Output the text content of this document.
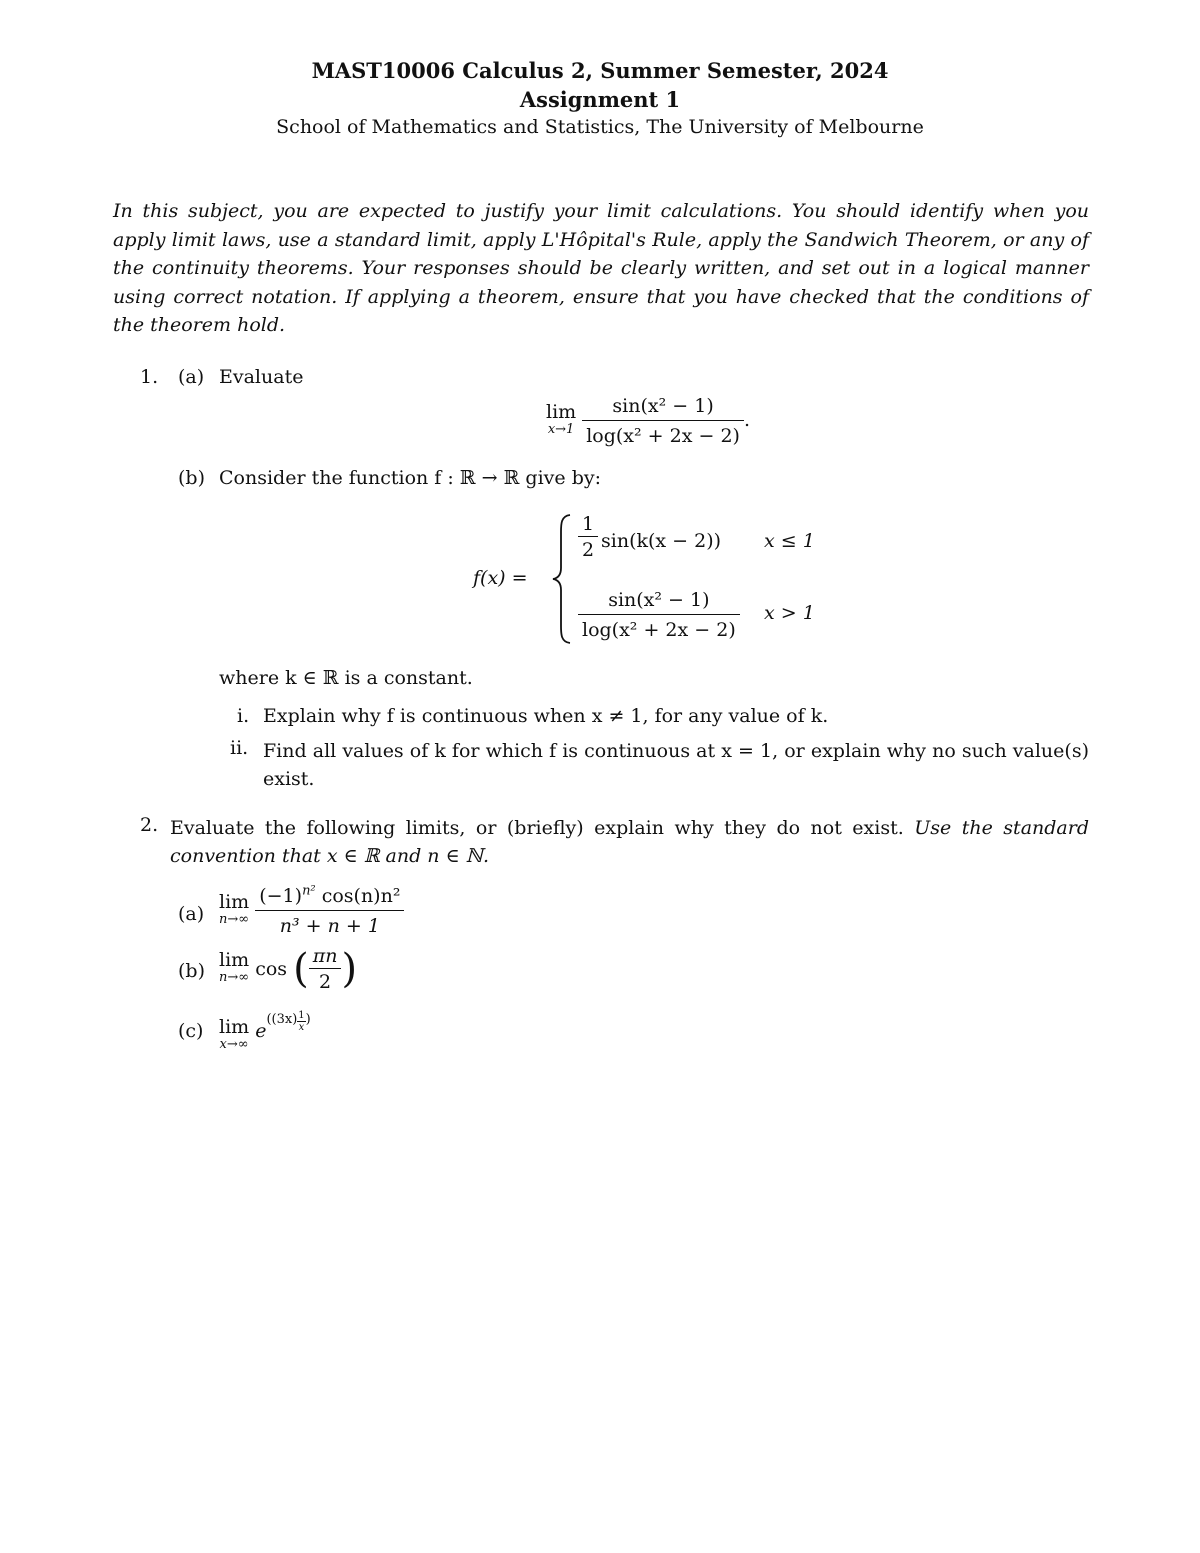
MAST10006 Calculus 2, Summer Semester, 2024
Assignment 1
School of Mathematics and Statistics, The University of Melbourne
In this subject, you are expected to justify your limit calculations. You should identify when you apply limit laws, use a standard limit, apply L'Hôpital's Rule, apply the Sandwich Theorem, or any of the continuity theorems. Your responses should be clearly written, and set out in a logical manner using correct notation. If applying a theorem, ensure that you have checked that the conditions of the theorem hold.
1. (a) Evaluate
lim
x→1
$\frac{\text{sin(x² − 1)}}{\text{log(x² + 2x − 2)}}$ .
(b) Consider the function f : ℝ → ℝ give by:
f(x) =
$\frac{1}{2} \sin(k(x - 2)) x \le 1$
$\frac{\text{sin(x² − 1)}}{\text{log(x² + 2x − 2)}}$ x > 1
where k ∈ ℝ is a constant.
i. Explain why f is continuous when x ≠ 1, for any value of k.
ii. Find all values of k for which f is continuous at x = 1, or explain why no such value(s) exist.
2. Evaluate the following limits, or (briefly) explain why they do not exist. Use the standard convention that x ∈ ℝ and n ∈ ℕ.
(a)
lim
n→∞
$\frac{(-1)^{n^2} \cos(n)n^2}{\text{n³ + n + 1}}$
(b) lim
n→∞ cos ( $\frac{\pi n}{2}$ )
(c) lim
x→∞
$e((3x) \frac{1}{x}$ )
